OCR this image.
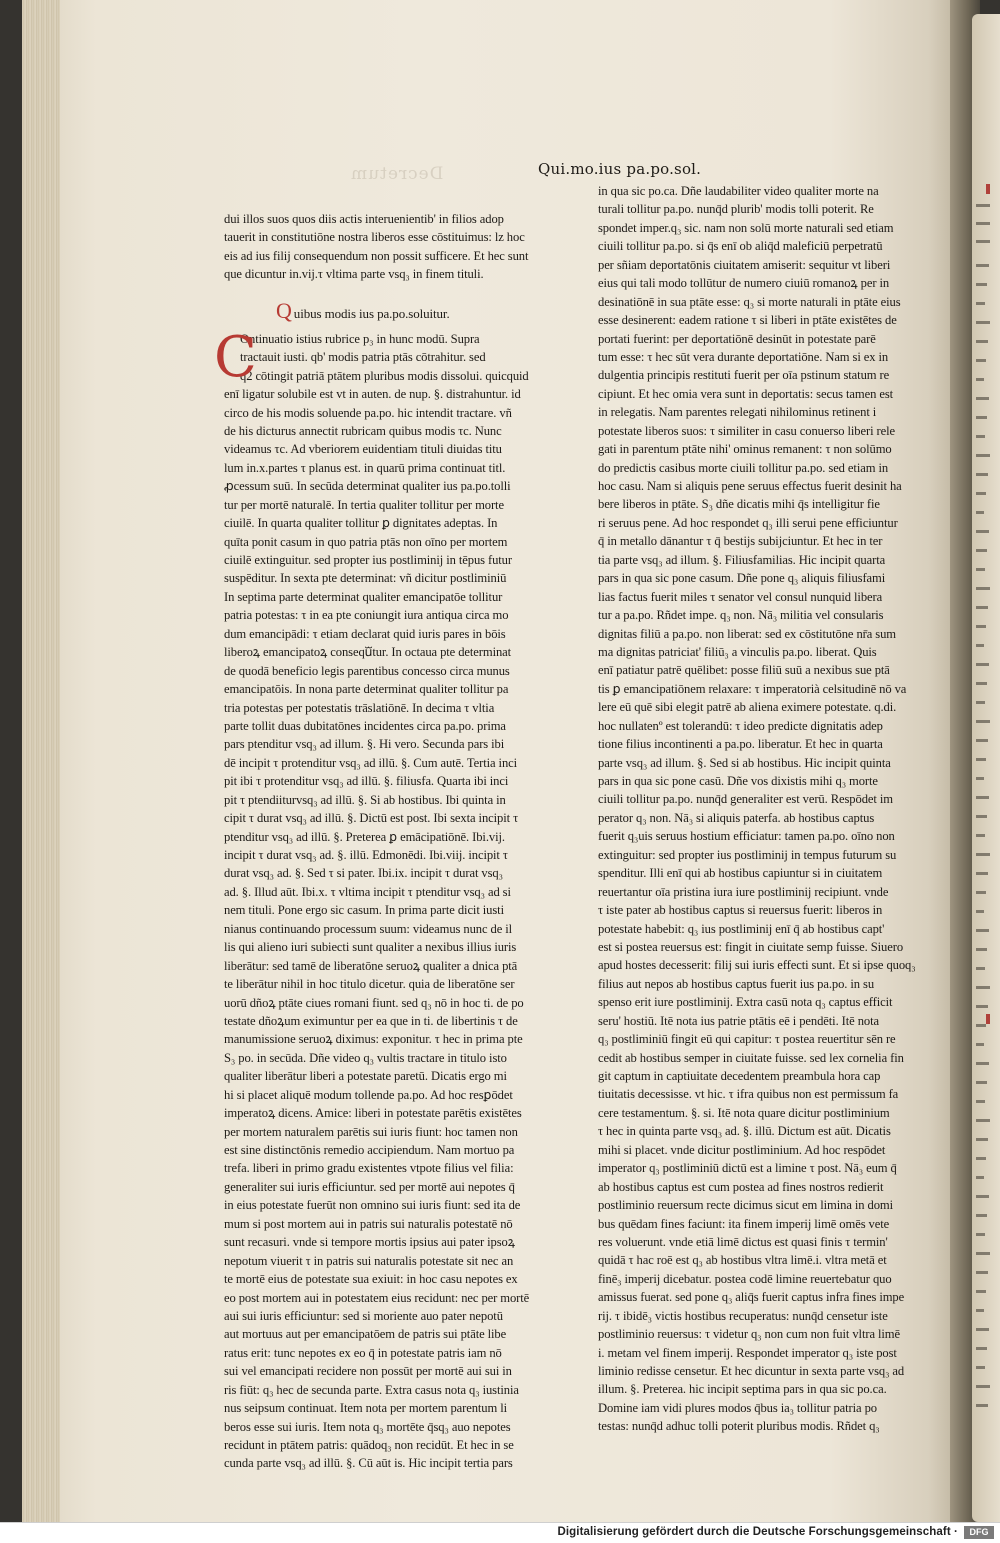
Decretum	Qui.mo.ius pa.po.sol.
dui illos suos quos diis actis interuenientib' in filios adop
tauerit in constitutiōne nostra liberos esse cōstituimus: lz hoc
eis ad ius filij consequendum non possit sufficere. Et hec sunt
que dicuntur in.vij.τ vltima parte vsq₃ in finem tituli.
Quibus modis ius pa.po.soluitur.
C
Ontinuatio istius rubrice p₃ in hunc modū. Supra
tractauit iusti. qb' modis patria ptās cōtrahitur. sed
q2 cōtingit patriā ptātem pluribus modis dissolui. quicquid
enī ligatur solubile est vt in auten. de nup. §. distrahuntur. id
circo de his modis soluende pa.po. hic intendit tractare. vñ
de his dicturus annectit rubricam quibus modis τc. Nunc
videamus τc. Ad vberiorem euidentiam tituli diuidas titu
lum in.x.partes τ planus est. in quarū prima continuat titl.
ꝓcessum suū. In secūda determinat qualiter ius pa.po.tolli
tur per mortē naturalē. In tertia qualiter tollitur per morte
ciuilē. In quarta qualiter tollitur ꝑ dignitates adeptas. In
quīta ponit casum in quo patria ptās non oīno per mortem
ciuilē extinguitur. sed propter ius postliminij in tēpus futur
suspēditur. In sexta pte determinat: vñ dicitur postliminiū
In septima parte determinat qualiter emancipatōe tollitur
patria potestas: τ in ea pte coniungit iura antiqua circa mo
dum emancipādi: τ etiam declarat quid iuris pares in bōis
liberoꝝ emancipatoꝝ consequᷓtur. In octaua pte determinat
de quodā beneficio legis parentibus concesso circa munus
emancipatōis. In nona parte determinat qualiter tollitur pa
tria potestas per potestatis trāslatiōnē. In decima τ vltia
parte tollit duas dubitatōnes incidentes circa pa.po. prima
pars ptenditur vsq₃ ad illum. §. Hi vero. Secunda pars ibi
dē incipit τ protenditur vsq₃ ad illū. §. Cum autē. Tertia inci
pit ibi τ protenditur vsq₃ ad illū. §. filiusfa. Quarta ibi inci
pit τ ptendiiturvsq₃ ad illū. §. Si ab hostibus. Ibi quinta in
cipit τ durat vsq₃ ad illū. §. Dictū est post. Ibi sexta incipit τ
ptenditur vsq₃ ad illū. §. Preterea ꝑ emācipatiōnē. Ibi.vij.
incipit τ durat vsq₃ ad. §. illū. Edmonēdi. Ibi.viij. incipit τ
durat vsq₃ ad. §. Sed τ si pater. Ibi.ix. incipit τ durat vsq₃
ad. §. Illud aūt. Ibi.x. τ vltima incipit τ ptenditur vsq₃ ad si
nem tituli. Pone ergo sic casum. In prima parte dicit iusti
nianus continuando processum suum: videamus nunc de il
lis qui alieno iuri subiecti sunt qualiter a nexibus illius iuris
liberātur: sed tamē de liberatōne seruoꝝ qualiter a dnica ptā
te liberātur nihil in hoc titulo dicetur. quia de liberatōne ser
uorū dñoꝝ ptāte ciues romani fiunt. sed q₃ nō in hoc ti. de po
testate dñoꝝum eximuntur per ea que in ti. de libertinis τ de
manumissione seruoꝝ diximus: exponitur. τ hec in prima pte
S₃ po. in secūda. Dñe video q₃ vultis tractare in titulo isto
qualiter liberātur liberi a potestate paretū. Dicatis ergo mi
hi si placet aliquē modum tollende pa.po. Ad hoc resꝑōdet
imperatoꝝ dicens. Amice: liberi in potestate parētis existētes
per mortem naturalem parētis sui iuris fiunt: hoc tamen non
est sine distinctōnis remedio accipiendum. Nam mortuo pa
trefa. liberi in primo gradu existentes vtpote filius vel filia:
generaliter sui iuris efficiuntur. sed per mortē aui nepotes q̄
in eius potestate fuerūt non omnino sui iuris fiunt: sed ita de
mum si post mortem aui in patris sui naturalis potestatē nō
sunt recasuri. vnde si tempore mortis ipsius aui pater ipsoꝝ
nepotum viuerit τ in patris sui naturalis potestate sit nec an
te mortē eius de potestate sua exiuit: in hoc casu nepotes ex
eo post mortem aui in potestatem eius recidunt: nec per mortē
aui sui iuris efficiuntur: sed si moriente auo pater nepotū
aut mortuus aut per emancipatōem de patris sui ptāte libe
ratus erit: tunc nepotes ex eo q̄ in potestate patris iam nō
sui vel emancipati recidere non possūt per mortē aui sui in
ris fiūt: q₃ hec de secunda parte. Extra casus nota q₃ iustinia
nus seipsum continuat. Item nota per mortem parentum li
beros esse sui iuris. Item nota q₃ mortēte q̄sq₃ auo nepotes
recidunt in ptātem patris: quādoq₃ non recidūt. Et hec in se
cunda parte vsq₃ ad illū. §. Cū aūt is. Hic incipit tertia pars
in qua sic po.ca. Dñe laudabiliter video qualiter morte na
turali tollitur pa.po. nunq̄d plurib' modis tolli poterit. Re
spondet imper.q₃ sic. nam non solū morte naturali sed etiam
ciuili tollitur pa.po. si q̄s enī ob aliq̄d maleficiū perpetratū
per sñiam deportatōnis ciuitatem amiserit: sequitur vt liberi
eius qui tali modo tollūtur de numero ciuiū romanoꝝ per in
desinatiōnē in sua ptāte esse: q₃ si morte naturali in ptāte eius
esse desinerent: eadem ratione τ si liberi in ptāte existētes de
portati fuerint: per deportatiōnē desinūt in potestate parē
tum esse: τ hec sūt vera durante deportatiōne. Nam si ex in
dulgentia principis restituti fuerit per oīa pstinum statum re
cipiunt. Et hec omia vera sunt in deportatis: secus tamen est
in relegatis. Nam parentes relegati nihilominus retinent i
potestate liberos suos: τ similiter in casu conuerso liberi rele
gati in parentum ptāte nihi' ominus remanent: τ non solūmo
do predictis casibus morte ciuili tollitur pa.po. sed etiam in
hoc casu. Nam si aliquis pene seruus effectus fuerit desinit ha
bere liberos in ptāte. S₃ dñe dicatis mihi q̄s intelligitur fie
ri seruus pene. Ad hoc respondet q₃ illi serui pene efficiuntur
q̄ in metallo dānantur τ q̄ bestijs subijciuntur. Et hec in ter
tia parte vsq₃ ad illum. §. Filiusfamilias. Hic incipit quarta
pars in qua sic pone casum. Dñe pone q₃ aliquis filiusfami
lias factus fuerit miles τ senator vel consul nunquid libera
tur a pa.po. Rñdet impe. q₃ non. Nā₃ militia vel consularis
dignitas filiū a pa.po. non liberat: sed ex cōstitutōne nr̄a sum
ma dignitas patriciat' filiū₃ a vinculis pa.po. liberat. Quis
enī patiatur patrē quēlibet: posse filiū suū a nexibus sue ptā
tis ꝑ emancipatiōnem relaxare: τ imperatorià celsitudinē nō va
lere eū quē sibi elegit patrē ab aliena eximere potestate. q.di.
hoc nullatenº est tolerandū: τ ideo predicte dignitatis adep
tione filius incontinenti a pa.po. liberatur. Et hec in quarta
parte vsq₃ ad illum. §. Sed si ab hostibus. Hic incipit quinta
pars in qua sic pone casū. Dñe vos dixistis mihi q₃ morte
ciuili tollitur pa.po. nunq̄d generaliter est verū. Respōdet im
perator q₃ non. Nā₃ si aliquis paterfa. ab hostibus captus
fuerit q₃uis seruus hostium efficiatur: tamen pa.po. oīno non
extinguitur: sed propter ius postliminij in tempus futurum su
spenditur. Illi enī qui ab hostibus capiuntur si in ciuitatem
reuertantur oīa pristina iura iure postliminij recipiunt. vnde
τ iste pater ab hostibus captus si reuersus fuerit: liberos in
potestate habebit: q₃ ius postliminij enī q̄ ab hostibus capt'
est si postea reuersus est: fingit in ciuitate semp fuisse. Siuero
apud hostes decesserit: filij sui iuris effecti sunt. Et si ipse quoq₃
filius aut nepos ab hostibus captus fuerit ius pa.po. in su
spenso erit iure postliminij. Extra casū nota q₃ captus efficit
seru' hostiū. Itē nota ius patrie ptātis eē i pendēti. Itē nota
q₃ postliminiū fingit eū qui capitur: τ postea reuertitur sēn re
cedit ab hostibus semper in ciuitate fuisse. sed lex cornelia fin
git captum in captiuitate decedentem preambula hora cap
tiuitatis decessisse. vt hic. τ ifra quibus non est permissum fa
cere testamentum. §. si. Itē nota quare dicitur postliminium
τ hec in quinta parte vsq₃ ad. §. illū. Dictum est aūt. Dicatis
mihi si placet. vnde dicitur postliminium. Ad hoc respōdet
imperator q₃ postliminiū dictū est a limine τ post. Nā₃ eum q̄
ab hostibus captus est cum postea ad fines nostros redierit
postliminio reuersum recte dicimus sicut em limina in domi
bus quēdam fines faciunt: ita finem imperij limē omēs vete
res voluerunt. vnde etiā limē dictus est quasi finis τ termin'
quidā τ hac roē est q₃ ab hostibus vltra limē.i. vltra metā et
finē₃ imperij dicebatur. postea codē limine reuertebatur quo
amissus fuerat. sed pone q₃ aliq̄s fuerit captus infra fines impe
rij. τ ibidē₃ victis hostibus recuperatus: nunq̄d censetur iste
postliminio reuersus: τ videtur q₃ non cum non fuit vltra limē
i. metam vel finem imperij. Respondet imperator q₃ iste post
liminio redisse censetur. Et hec dicuntur in sexta parte vsq₃ ad
illum. §. Preterea. hic incipit septima pars in qua sic po.ca.
Domine iam vidi plures modos q̄bus ia₃ tollitur patria po
testas: nunq̄d adhuc tolli poterit pluribus modis. Rñdet q₃
Digitalisierung gefördert durch die Deutsche Forschungsgemeinschaft ·	DFG
